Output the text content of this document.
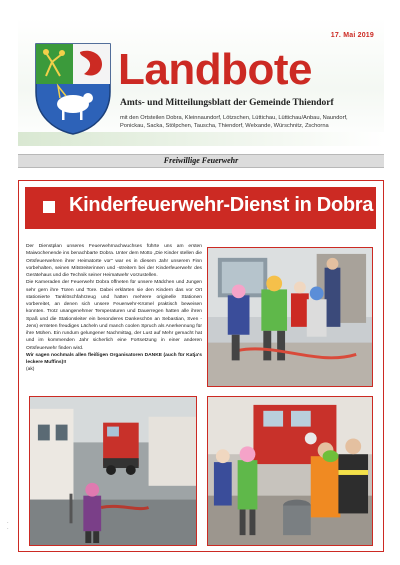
17. Mai 2019
Landbote
Amts- und Mitteilungsblatt der Gemeinde Thiendorf
mit den Ortsteilen Dobra, Kleinnaundorf, Lötzschen, Lüttichau, Lüttichau/Anbau, Naundorf,
Ponickau, Sacka, Stölpchen, Tauscha, Thiendorf, Welxande, Würschnitz, Zschorna
Freiwillige Feuerwehr
Kinderfeuerwehr-Dienst in Dobra

Der Dienstplan unseres Feuerwehrnachwuchses führte uns am ersten Maiwochenende ins benachbarte Dobra. Unter dem Motto „Die Kinder stellen die Ortsfeuerwehren ihrer Heimatorte vor" war es in diesem Jahr unserem Finn vorbehalten, seinen Mitstreiterinnen und -streitern bei der Kinderfeuerwehr des Gerätehaus und die Technik seiner Heimatwehr vorzustellen.

Die Kameraden der Feuerwehr Dobra öffneten für unsere Mädchen und Jungen sehr gern ihre Türen und Tore. Dabei erklärten sie den Kindern das vor Ort stationierte Tanklöschfahrzeug und hatten mehrere originelle Stationen vorbereitet, an denen sich unsere Feuerwehr-Krümel praktisch beweisen konnten. Trotz unangenehmer Temperaturen und Dauerregen hatten alle ihren Spaß und die Stationsleiter ein besonderes Dankeschön an Sebastian, Sven - Jens) ernteten freudiges Lächeln und manch coolen Spruch als Anerkennung für ihre Mühen. Ein rundum gelungener Nachmittag, der Lust auf Mehr gemacht hat und im kommenden Jahr sicherlich eine Fortsetzung in einer anderen Ortsfeuerwehr finden wird.

Wir sagen nochmals allen fleißigen Organisatoren DANKE (auch für Katja's leckere Muffins)!!

(ak)

·
·
